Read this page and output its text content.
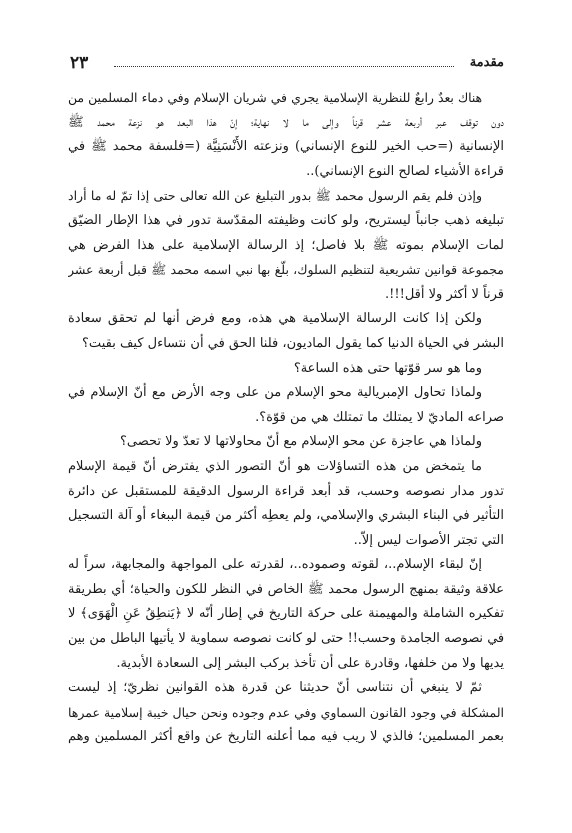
مقدمة
٢٣

هناك بعدٌ رابعٌ للنظرية الإسلامية يجري في شريان الإسلام وفي دماء المسلمين من
دون توقف عبر أربعة عشر قرناً وإلى ما لا نهاية؛ إنّ هذا البعد هو نزعة محمد ﷺ
الإنسانية (=حب الخير للنوع الإنساني) ونزعته الأَنْسَنِيَّة (=فلسفة محمد ﷺ في
قراءة الأشياء لصالح النوع الإنساني)..

وإذن فلم يقم الرسول محمد ﷺ بدور التبليغ عن الله تعالى حتى إذا تمّ له ما أراد
تبليغه ذهب جانباً ليستريح، ولو كانت وظيفته المقدّسة تدور في هذا الإطار الضيّق
لمات الإسلام بموته ﷺ بلا فاصل؛ إذ الرسالة الإسلامية على هذا الفرض هي
مجموعة قوانين تشريعية لتنظيم السلوك، بلّغ بها نبي اسمه محمد ﷺ قبل أربعة عشر
قرناً لا أكثر ولا أقل!!!.

ولكن إذا كانت الرسالة الإسلامية هي هذه، ومع فرض أنها لم تحقق سعادة
البشر في الحياة الدنيا كما يقول الماديون، فلنا الحق في أن نتساءل كيف بقيت؟

وما هو سر قوّتها حتى هذه الساعة؟

ولماذا تحاول الإمبريالية محو الإسلام من على وجه الأرض مع أنّ الإسلام في
صراعه الماديّ لا يمتلك ما تمتلك هي من قوّة؟.

ولماذا هي عاجزة عن محو الإسلام مع أنّ محاولاتها لا تعدّ ولا تحصى؟

ما يتمخض من هذه التساؤلات هو أنّ التصور الذي يفترض أنّ قيمة الإسلام
تدور مدار نصوصه وحسب، قد أبعد قراءة الرسول الدقيقة للمستقبل عن دائرة
التأثير في البناء البشري والإسلامي، ولم يعطِه أكثر من قيمة الببغاء أو آلة التسجيل
التي تجتر الأصوات ليس إلاّ..

إنّ لبقاء الإسلام..، لقوته وصموده..، لقدرته على المواجهة والمجابهة، سراً له
علاقة وثيقة بمنهج الرسول محمد ﷺ الخاص في النظر للكون والحياة؛ أي بطريقة
تفكيره الشاملة والمهيمنة على حركة التاريخ في إطار أنّه لا ﴿يَنطِقُ عَنِ الْهَوَى﴾ لا
في نصوصه الجامدة وحسب!! حتى لو كانت نصوصه سماوية لا يأتيها الباطل من بين
يديها ولا من خلفها، وقادرة على أن تأخذ بركب البشر إلى السعادة الأبدية.

ثمّ لا ينبغي أن نتناسى أنّ حديثنا عن قدرة هذه القوانين نظريّ؛ إذ ليست
المشكلة في وجود القانون السماوي وفي عدم وجوده ونحن حيال خيبة إسلامية عمرها
بعمر المسلمين؛ فالذي لا ريب فيه مما أعلنه التاريخ عن واقع أكثر المسلمين وهم
